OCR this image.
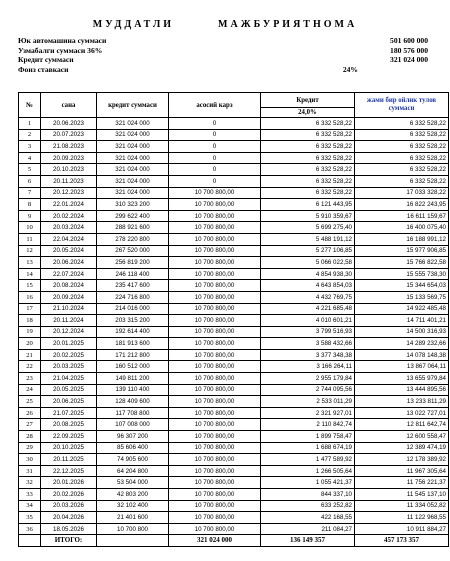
МУДДАТЛИ        МАЖБУРИЯТНОМА
Юк автомашина суммаси	501 600 000
Узмабалги суммаси 36%	180 576 000
Кредит суммаси	321 024 000
Фоиз ставкаси	24%
№	сана	кредит суммаси	асосий карз	Кредит	жами бир ойлик тулов суммаси
				24,0%	
1	20.06.2023	321 024 000	0	6 332 528,22	6 332 528,22
2	20.07.2023	321 024 000	0	6 332 528,22	6 332 528,22
3	21.08.2023	321 024 000	0	6 332 528,22	6 332 528,22
4	20.09.2023	321 024 000	0	6 332 528,22	6 332 528,22
5	20.10.2023	321 024 000	0	6 332 528,22	6 332 528,22
6	20.11.2023	321 024 000	0	6 332 528,22	6 332 528,22
7	20.12.2023	321 024 000	10 700 800,00	6 332 528,22	17 033 328,22
8	22.01.2024	310 323 200	10 700 800,00	6 121 443,95	16 822 243,95
9	20.02.2024	299 622 400	10 700 800,00	5 910 359,67	16 611 159,67
10	20.03.2024	288 921 600	10 700 800,00	5 699 275,40	16 400 075,40
11	22.04.2024	278 220 800	10 700 800,00	5 488 191,12	16 188 991,12
12	20.05.2024	267 520 000	10 700 800,00	5 277 106,85	15 977 906,85
13	20.06.2024	256 819 200	10 700 800,00	5 066 022,58	15 766 822,58
14	22.07.2024	246 118 400	10 700 800,00	4 854 938,30	15 555 738,30
15	20.08.2024	235 417 600	10 700 800,00	4 643 854,03	15 344 654,03
16	20.09.2024	224 716 800	10 700 800,00	4 432 769,75	15 133 569,75
17	21.10.2024	214 016 000	10 700 800,00	4 221 685,48	14 922 485,48
18	20.11.2024	203 315 200	10 700 800,00	4 010 601,21	14 711 401,21
19	20.12.2024	192 614 400	10 700 800,00	3 799 516,93	14 500 316,93
20	20.01.2025	181 913 600	10 700 800,00	3 588 432,66	14 289 232,66
21	20.02.2025	171 212 800	10 700 800,00	3 377 348,38	14 078 148,38
22	20.03.2025	160 512 000	10 700 800,00	3 166 264,11	13 867 064,11
23	21.04.2025	149 811 200	10 700 800,00	2 955 179,84	13 655 979,84
24	20.05.2025	139 110 400	10 700 800,00	2 744 095,56	13 444 895,56
25	20.06.2025	128 409 600	10 700 800,00	2 533 011,29	13 233 811,29
26	21.07.2025	117 708 800	10 700 800,00	2 321 927,01	13 022 727,01
27	20.08.2025	107 008 000	10 700 800,00	2 110 842,74	12 811 642,74
28	22.09.2025	96 307 200	10 700 800,00	1 899 758,47	12 600 558,47
29	20.10.2025	85 606 400	10 700 800,00	1 688 674,19	12 389 474,19
30	20.11.2025	74 905 600	10 700 800,00	1 477 589,92	12 178 389,92
31	22.12.2025	64 204 800	10 700 800,00	1 266 505,64	11 967 305,64
32	20.01.2026	53 504 000	10 700 800,00	1 055 421,37	11 756 221,37
33	20.02.2026	42 803 200	10 700 800,00	844 337,10	11 545 137,10
34	20.03.2026	32 102 400	10 700 800,00	633 252,82	11 334 052,82
35	20.04.2026	21 401 600	10 700 800,00	422 168,55	11 122 968,55
36	18.05.2026	10 700 800	10 700 800,00	211 084,27	10 911 884,27
	ИТОГО:		321 024 000	136 149 357	457 173 357
